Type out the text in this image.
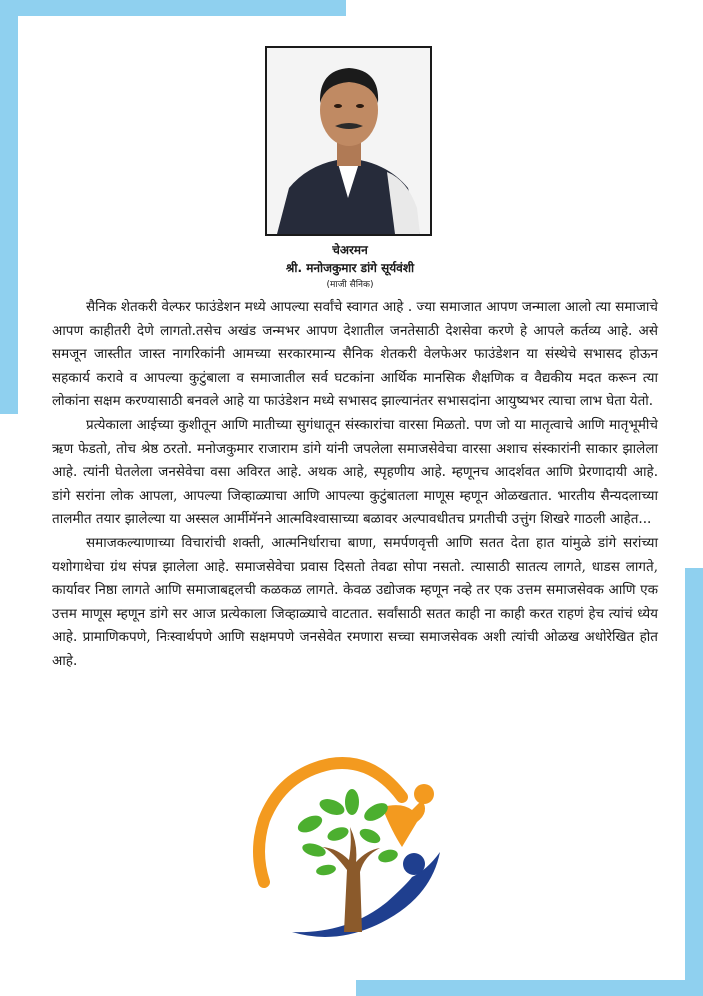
चेअरमन
श्री. मनोजकुमार डांगे सूर्यवंशी
(माजी सैनिक)

सैनिक शेतकरी वेल्फर फाउंडेशन मध्ये आपल्या सर्वांचे स्वागत आहे . ज्या समाजात आपण जन्माला आलो त्या समाजाचे आपण काहीतरी देणे लागतो.तसेच अखंड जन्मभर आपण देशातील जनतेसाठी देशसेवा करणे हे आपले कर्तव्य आहे. असे समजून जास्तीत जास्त नागरिकांनी आमच्या सरकारमान्य सैनिक शेतकरी वेलफेअर फाउंडेशन या संस्थेचे सभासद होऊन सहकार्य करावे व आपल्या कुटुंबाला व समाजातील सर्व घटकांना आर्थिक मानसिक शैक्षणिक व वैद्यकीय मदत करून त्या लोकांना सक्षम करण्यासाठी बनवले आहे या फाउंडेशन मध्ये सभासद झाल्यानंतर सभासदांना आयुष्यभर त्याचा लाभ घेता येतो.

प्रत्येकाला आईच्या कुशीतून आणि मातीच्या सुगंधातून संस्कारांचा वारसा मिळतो. पण जो या मातृत्वाचे आणि मातृभूमीचे ऋण फेडतो, तोच श्रेष्ठ ठरतो. मनोजकुमार राजाराम डांगे यांनी जपलेला समाजसेवेचा वारसा अशाच संस्कारांनी साकार झालेला आहे. त्यांनी घेतलेला जनसेवेचा वसा अविरत आहे. अथक आहे, स्पृहणीय आहे. म्हणूनच आदर्शवत आणि प्रेरणादायी आहे. डांगे सरांना लोक आपला, आपल्या जिव्हाळ्याचा आणि आपल्या कुटुंबातला माणूस म्हणून ओळखतात. भारतीय सैन्यदलाच्या तालमीत तयार झालेल्या या अस्सल आर्मीमॅनने आत्मविश्वासाच्या बळावर अल्पावधीतच प्रगतीची उत्तुंग शिखरे गाठली आहेत...

समाजकल्याणाच्या विचारांची शक्ती, आत्मनिर्धाराचा बाणा, समर्पणवृत्ती आणि सतत देता हात यांमुळे डांगे सरांच्या यशोगाथेचा ग्रंथ संपन्न झालेला आहे. समाजसेवेचा प्रवास दिसतो तेवढा सोपा नसतो. त्यासाठी सातत्य लागते, धाडस लागते, कार्यावर निष्ठा लागते आणि समाजाबद्दलची कळकळ लागते. केवळ उद्योजक म्हणून नव्हे तर एक उत्तम समाजसेवक आणि एक उत्तम माणूस म्हणून डांगे सर आज प्रत्येकाला जिव्हाळ्याचे वाटतात. सर्वांसाठी सतत काही ना काही करत राहणं हेच त्यांचं ध्येय आहे. प्रामाणिकपणे, निःस्वार्थपणे आणि सक्षमपणे जनसेवेत रमणारा सच्चा समाजसेवक अशी त्यांची ओळख अधोरेखित होत आहे.
